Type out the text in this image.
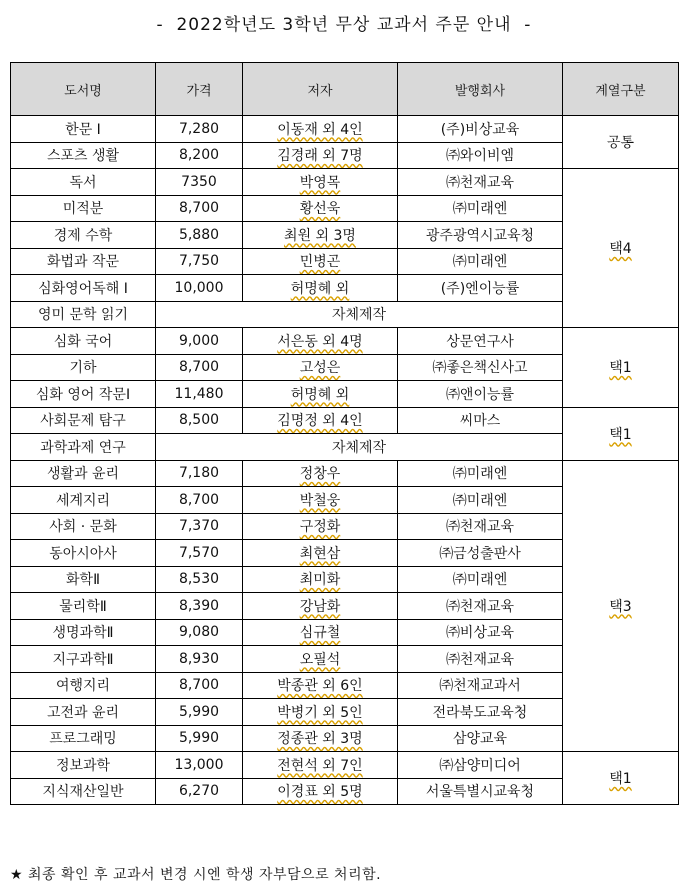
-  2022학년도 3학년 무상 교과서 주문 안내  -
도서명	가격	저자	발행회사	계열구분
한문 Ⅰ	7,280	이동재 외 4인	(주)비상교육	공통
스포츠 생활	8,200	김경래 외 7명	㈜와이비엠	
독서	7350	박영목	㈜천재교육	택4
미적분	8,700	황선욱	㈜미래엔	
경제 수학	5,880	최원 외 3명	광주광역시교육청	
화법과 작문	7,750	민병곤	㈜미래엔	
심화영어독해 Ⅰ	10,000	허명혜 외	(주)엔이능률	
영미 문학 읽기	자체제작			
심화 국어	9,000	서은동 외 4명	상문연구사	택1
기하	8,700	고성은	㈜좋은책신사고	
심화 영어 작문Ⅰ	11,480	허명혜 외	㈜앤이능률	
사회문제 탐구	8,500	김명정 외 4인	씨마스	택1
과학과제 연구	자체제작			
생활과 윤리	7,180	정창우	㈜미래엔	택3
세계지리	8,700	박철웅	㈜미래엔	
사회 · 문화	7,370	구정화	㈜천재교육	
동아시아사	7,570	최현삼	㈜금성출판사	
화학Ⅱ	8,530	최미화	㈜미래엔	
물리학Ⅱ	8,390	강남화	㈜천재교육	
생명과학Ⅱ	9,080	심규철	㈜비상교육	
지구과학Ⅱ	8,930	오필석	㈜천재교육	
여행지리	8,700	박종관 외 6인	㈜천재교과서	
고전과 윤리	5,990	박병기 외 5인	전라북도교육청	
프로그래밍	5,990	정종관 외 3명	삼양교육	
정보과학	13,000	전현석 외 7인	㈜삼양미디어	택1
지식재산일반	6,270	이경표 외 5명	서울특별시교육청	
★ 최종 확인 후 교과서 변경 시엔 학생 자부담으로 처리함.
